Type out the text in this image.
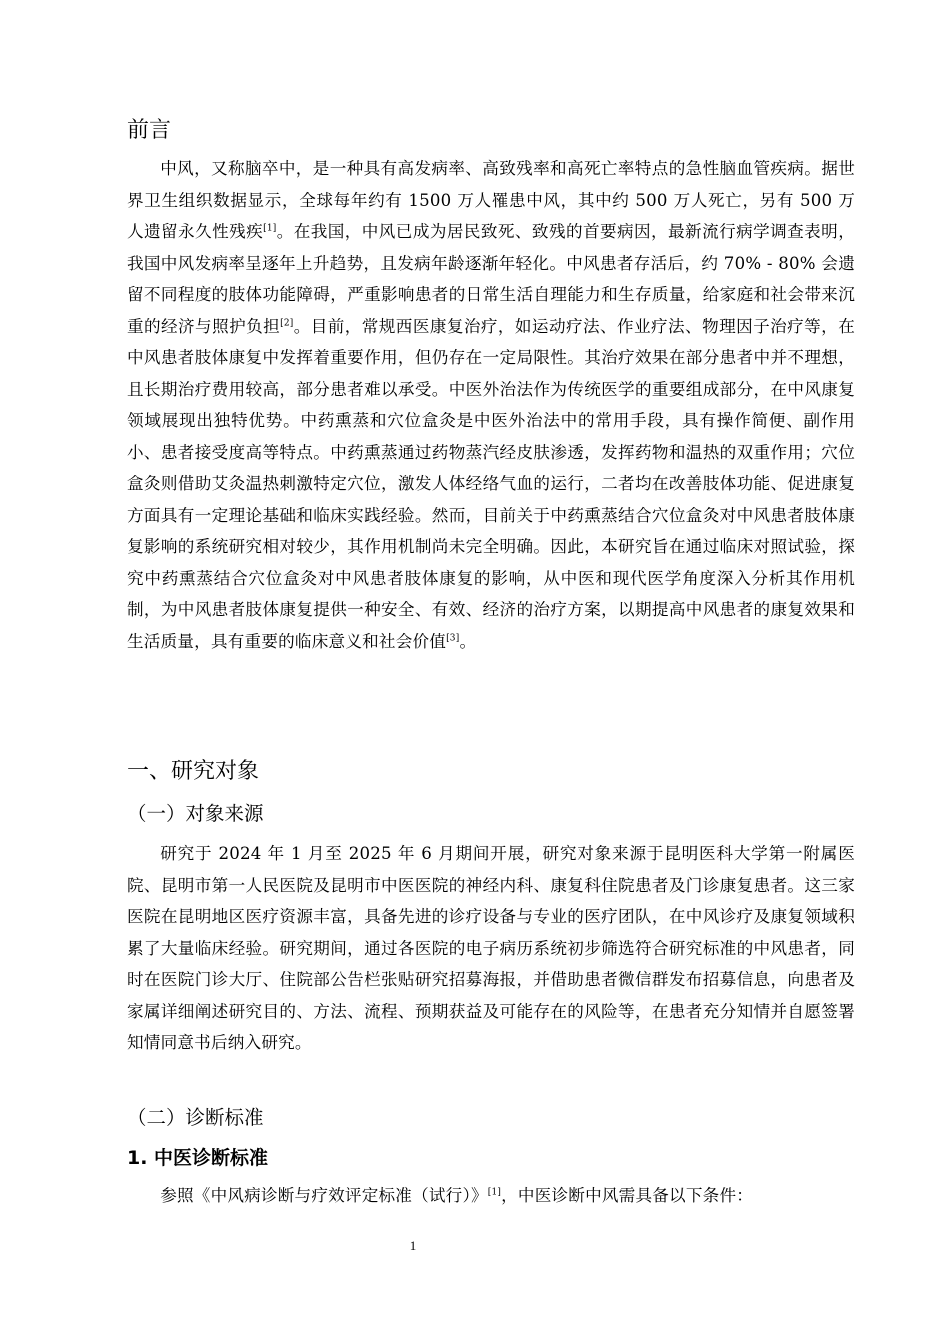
前言

中风，又称脑卒中，是一种具有高发病率、高致残率和高死亡率特点的急性脑血管疾病。据世界卫生组织数据显示，全球每年约有 1500 万人罹患中风，其中约 500 万人死亡，另有 500 万人遗留永久性残疾[1]。在我国，中风已成为居民致死、致残的首要病因，最新流行病学调查表明，我国中风发病率呈逐年上升趋势，且发病年龄逐渐年轻化。中风患者存活后，约 70% - 80% 会遗留不同程度的肢体功能障碍，严重影响患者的日常生活自理能力和生存质量，给家庭和社会带来沉重的经济与照护负担[2]。目前，常规西医康复治疗，如运动疗法、作业疗法、物理因子治疗等，在中风患者肢体康复中发挥着重要作用，但仍存在一定局限性。其治疗效果在部分患者中并不理想，且长期治疗费用较高，部分患者难以承受。中医外治法作为传统医学的重要组成部分，在中风康复领域展现出独特优势。中药熏蒸和穴位盒灸是中医外治法中的常用手段，具有操作简便、副作用小、患者接受度高等特点。中药熏蒸通过药物蒸汽经皮肤渗透，发挥药物和温热的双重作用；穴位盒灸则借助艾灸温热刺激特定穴位，激发人体经络气血的运行，二者均在改善肢体功能、促进康复方面具有一定理论基础和临床实践经验。然而，目前关于中药熏蒸结合穴位盒灸对中风患者肢体康复影响的系统研究相对较少，其作用机制尚未完全明确。因此，本研究旨在通过临床对照试验，探究中药熏蒸结合穴位盒灸对中风患者肢体康复的影响，从中医和现代医学角度深入分析其作用机制，为中风患者肢体康复提供一种安全、有效、经济的治疗方案，以期提高中风患者的康复效果和生活质量，具有重要的临床意义和社会价值[3]。

一、研究对象
（一）对象来源

研究于 2024 年 1 月至 2025 年 6 月期间开展，研究对象来源于昆明医科大学第一附属医院、昆明市第一人民医院及昆明市中医医院的神经内科、康复科住院患者及门诊康复患者。这三家医院在昆明地区医疗资源丰富，具备先进的诊疗设备与专业的医疗团队，在中风诊疗及康复领域积累了大量临床经验。研究期间，通过各医院的电子病历系统初步筛选符合研究标准的中风患者，同时在医院门诊大厅、住院部公告栏张贴研究招募海报，并借助患者微信群发布招募信息，向患者及家属详细阐述研究目的、方法、流程、预期获益及可能存在的风险等，在患者充分知情并自愿签署知情同意书后纳入研究。

（二）诊断标准
1. 中医诊断标准

参照《中风病诊断与疗效评定标准（试行）》[1]，中医诊断中风需具备以下条件：

1
